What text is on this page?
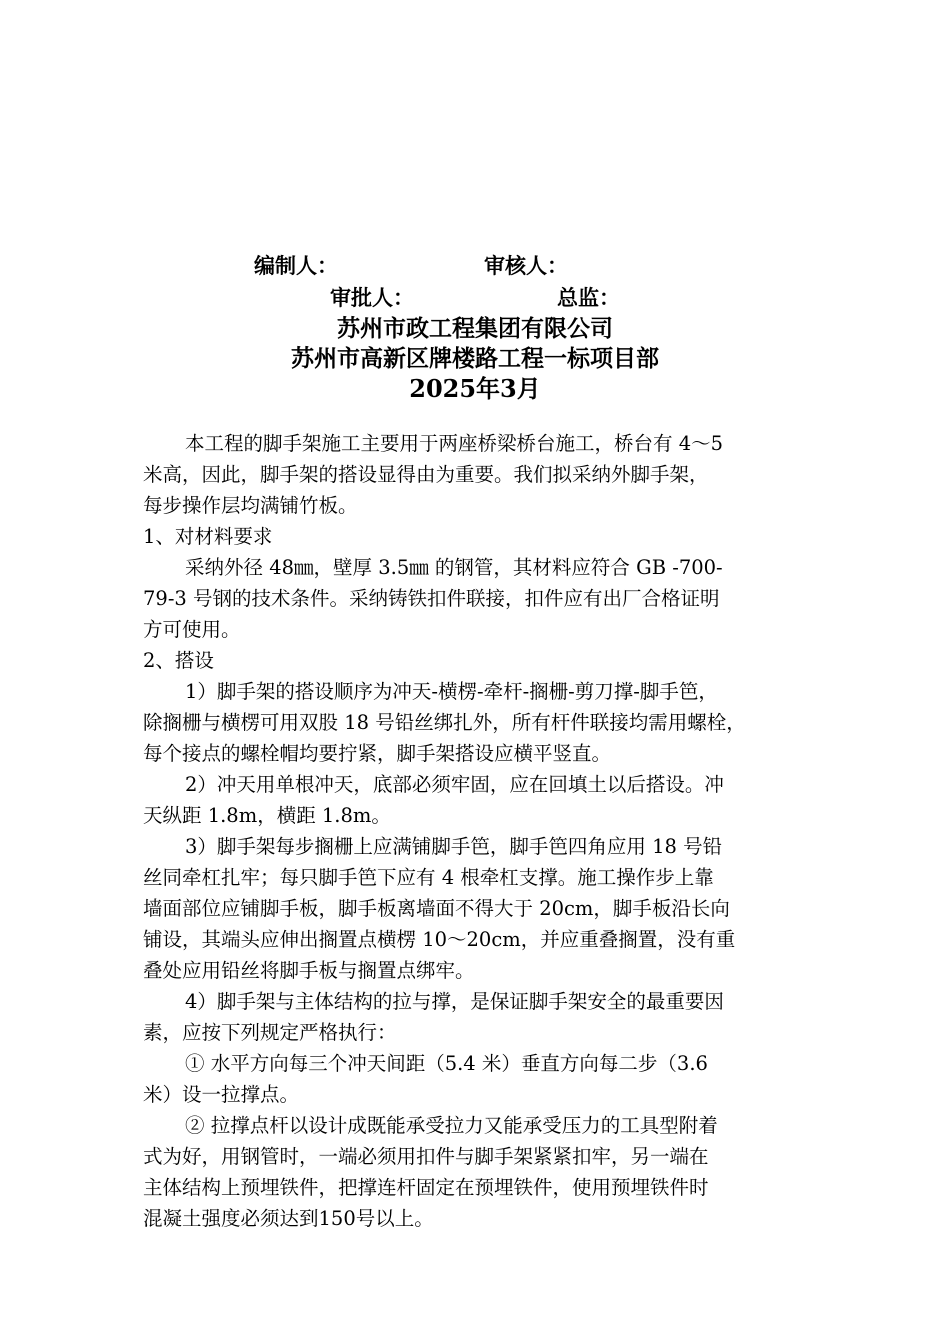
编制人：	审核人：
审批人：	总监：
苏州市政工程集团有限公司
苏州市高新区牌楼路工程一标项目部
2025年3月

本工程的脚手架施工主要用于两座桥梁桥台施工，桥台有 4～5

米高，因此，脚手架的搭设显得由为重要。我们拟采纳外脚手架，

每步操作层均满铺竹板。

1、对材料要求

采纳外径 48㎜，壁厚 3.5㎜ 的钢管，其材料应符合 GB -700-

79-3 号钢的技术条件。采纳铸铁扣件联接，扣件应有出厂合格证明

方可使用。

2、搭设

1）脚手架的搭设顺序为冲天-横楞-牵杆-搁栅-剪刀撑-脚手笆，

除搁栅与横楞可用双股 18 号铅丝绑扎外，所有杆件联接均需用螺栓，

每个接点的螺栓帽均要拧紧，脚手架搭设应横平竖直。

2）冲天用单根冲天，底部必须牢固，应在回填土以后搭设。冲

天纵距 1.8m，横距 1.8m。

3）脚手架每步搁栅上应满铺脚手笆，脚手笆四角应用 18 号铅

丝同牵杠扎牢；每只脚手笆下应有 4 根牵杠支撑。施工操作步上靠

墙面部位应铺脚手板，脚手板离墙面不得大于 20cm，脚手板沿长向

铺设，其端头应伸出搁置点横楞 10～20cm，并应重叠搁置，没有重

叠处应用铅丝将脚手板与搁置点绑牢。

4）脚手架与主体结构的拉与撑，是保证脚手架安全的最重要因

素，应按下列规定严格执行：

① 水平方向每三个冲天间距（5.4 米）垂直方向每二步（3.6

米）设一拉撑点。

② 拉撑点杆以设计成既能承受拉力又能承受压力的工具型附着

式为好，用钢管时，一端必须用扣件与脚手架紧紧扣牢，另一端在

主体结构上预埋铁件，把撑连杆固定在预埋铁件，使用预埋铁件时

混凝土强度必须达到150号以上。
